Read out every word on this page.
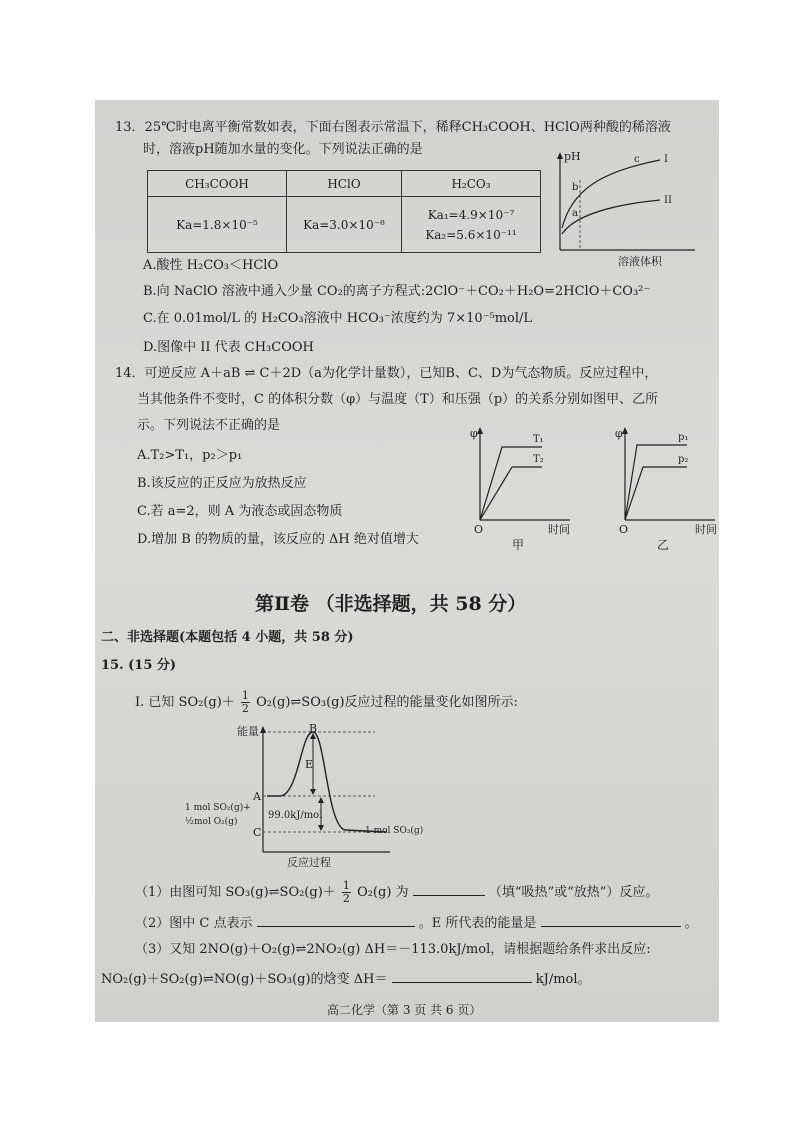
13．25℃时电离平衡常数如表，下面右图表示常温下，稀释CH₃COOH、HClO两种酸的稀溶液
时，溶液pH随加水量的变化。下列说法正确的是
CH₃COOH	HClO	H₂CO₃
Ka=1.8×10⁻⁵	Ka=3.0×10⁻⁸	Ka₁=4.9×10⁻⁷
Ka₂=5.6×10⁻¹¹
pH
b
a
c I
II
溶液体积
A.酸性 H₂CO₃＜HClO
B.向 NaClO 溶液中通入少量 CO₂的离子方程式:2ClO⁻＋CO₂＋H₂O=2HClO＋CO₃²⁻
C.在 0.01mol/L 的 H₂CO₃溶液中 HCO₃⁻浓度约为 7×10⁻⁵mol/L
D.图像中 II 代表 CH₃COOH
14．可逆反应 A＋aB ⇌ C＋2D（a为化学计量数），已知B、C、D为气态物质。反应过程中，
当其他条件不变时，C 的体积分数（φ）与温度（T）和压强（p）的关系分别如图甲、乙所
示。下列说法不正确的是
A.T₂>T₁，p₂＞p₁
B.该反应的正反应为放热反应
C.若 a=2，则 A 为液态或固态物质
D.增加 B 的物质的量，该反应的 ΔH 绝对值增大
φ	T₁
T₂
O	时间
甲
φ	p₁
p₂
O	时间
乙
第Ⅱ卷 （非选择题，共 58 分）
二、非选择题(本题包括 4 小题，共 58 分)
15. (15 分)
I. 已知 $SO_2(g)+ \frac{1}{2}$ O₂(g)⇌SO₃(g)反应过程的能量变化如图所示:
能量	B
A
C
E
99.0kJ/mol
1 mol SO₂(g)+
½ mol O₂(g)
1 mol SO₃(g)
反应过程
（1）由图可知 SO₃(g)⇌SO₂(g)＋ $\frac{1}{2} O_2(g)$ 为	（填“吸热”或“放热”）反应。
（2）图中 C 点表示	。E 所代表的能量是	。
（3）又知 2NO(g)＋O₂(g)⇌2NO₂(g) ΔH＝－113.0kJ/mol，请根据题给条件求出反应:
NO₂(g)＋SO₂(g)⇌NO(g)＋SO₃(g)的焓变 ΔH＝	kJ/mol。
高二化学（第 3 页 共 6 页）
